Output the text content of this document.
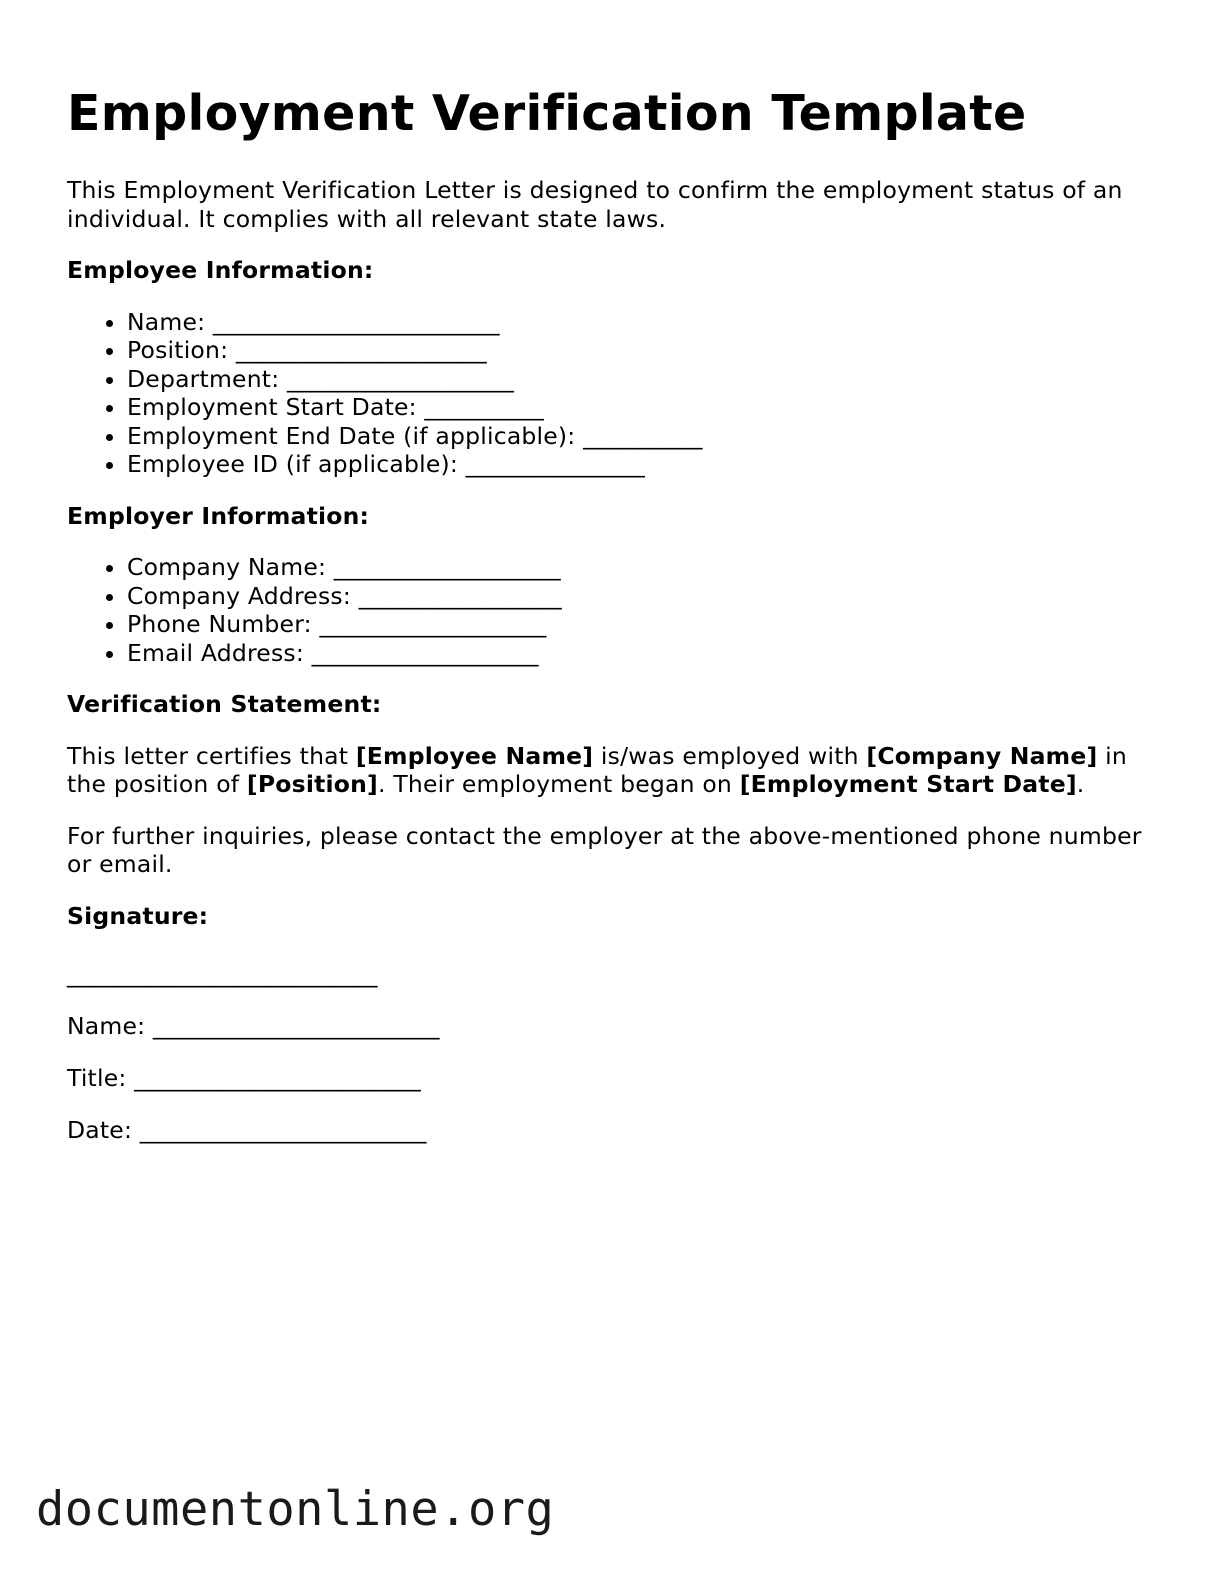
Employment Verification Template

This Employment Verification Letter is designed to confirm the employment status of an individual. It complies with all relevant state laws.

Employee Information:

• Name: ________________________
• Position: _____________________
• Department: ___________________
• Employment Start Date: __________
• Employment End Date (if applicable): __________
• Employee ID (if applicable): _______________

Employer Information:

• Company Name: ___________________
• Company Address: _________________
• Phone Number: ___________________
• Email Address: ___________________

Verification Statement:

This letter certifies that [Employee Name] is/was employed with [Company Name] in the position of [Position]. Their employment began on [Employment Start Date].

For further inquiries, please contact the employer at the above-mentioned phone number or email.

Signature:

__________________________

Name: ________________________

Title: ________________________

Date: ________________________

documentonline.org
